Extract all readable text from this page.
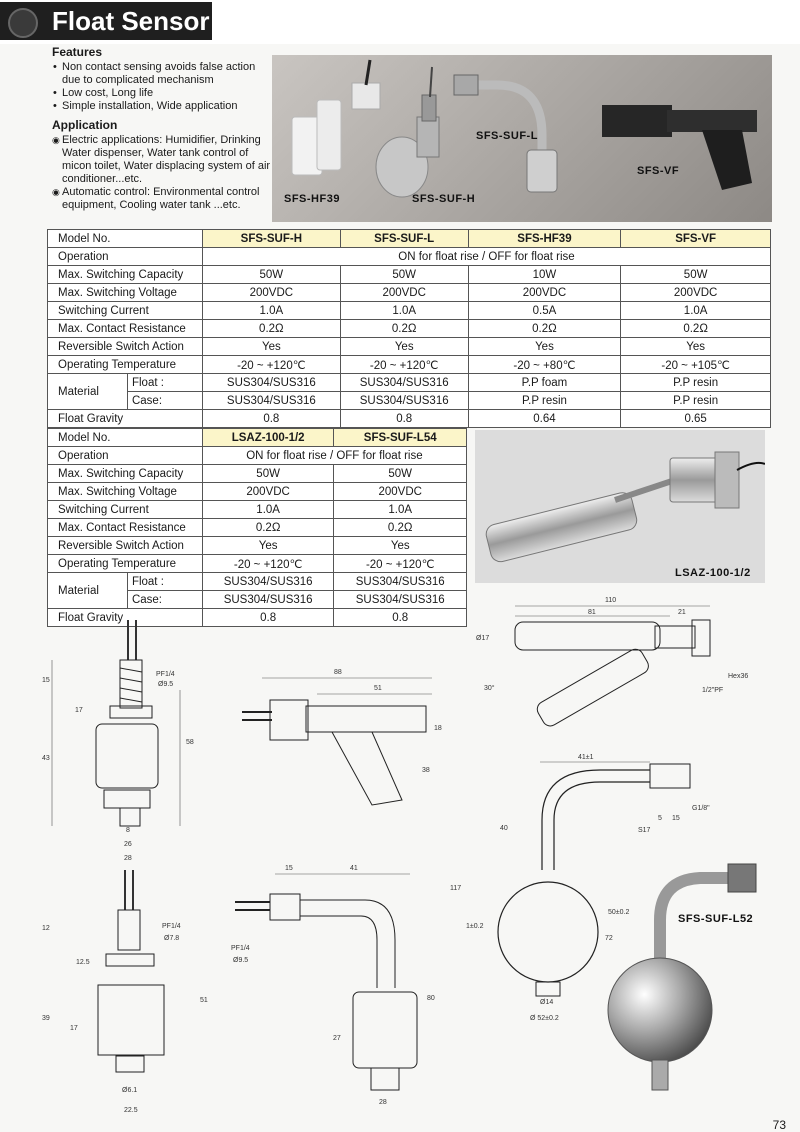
Float Sensor
Features
• Non contact sensing avoids false action due to complicated mechanism
• Low cost, Long life
• Simple installation, Wide application
Application
◉ Electric applications: Humidifier, Drinking Water dispenser, Water tank control of micon toilet, Water displacing system of air conditioner...etc.
◉ Automatic control: Environmental control equipment, Cooling water tank ...etc.	SFS-HF39	SFS-SUF-H
SFS-SUF-L
SFS-VF
Model No.		SFS-SUF-H	SFS-SUF-L	SFS-HF39	SFS-VF
Operation		ON for float rise / OFF for float rise			
Max. Switching Capacity		50W	50W	10W	50W
Max. Switching Voltage		200VDC	200VDC	200VDC	200VDC
Switching Current		1.0A	1.0A	0.5A	1.0A
Max. Contact Resistance		0.2Ω	0.2Ω	0.2Ω	0.2Ω
Reversible Switch Action		Yes	Yes	Yes	Yes
Operating Temperature		-20 ~ +120℃	-20 ~ +120℃	-20 ~ +80℃	-20 ~ +105℃
Material	Float :	SUS304/SUS316	SUS304/SUS316	P.P foam	P.P resin
	Case:	SUS304/SUS316	SUS304/SUS316	P.P resin	P.P resin
Float Gravity		0.8	0.8	0.64	0.65
Model No.		LSAZ-100-1/2	SFS-SUF-L54
Operation		ON for float rise / OFF for float rise	
Max. Switching Capacity		50W	50W
Max. Switching Voltage		200VDC	200VDC
Switching Current		1.0A	1.0A
Max. Contact Resistance		0.2Ω	0.2Ω
Reversible Switch Action		Yes	Yes
Operating Temperature		-20 ~ +120℃	-20 ~ +120℃
Material	Float :	SUS304/SUS316	SUS304/SUS316
	Case:	SUS304/SUS316	SUS304/SUS316
Float Gravity		0.8	0.8
LSAZ-100-1/2
15
43
58
17
PF1/4
Ø9.5
8
26
28
88
51
18
38
110
81	21
Ø17
30°
Hex36
1/2"PF
PF1/4
Ø7.8
12.5
12
39
17
51
Ø6.1
22.5
15	41
PF1/4
Ø9.5
80
27
28
41±1
40
117
72
50±0.2
S17
5 15
G1/8"
1±0.2
Ø14
Ø 52±0.2
SFS-SUF-L52
73
